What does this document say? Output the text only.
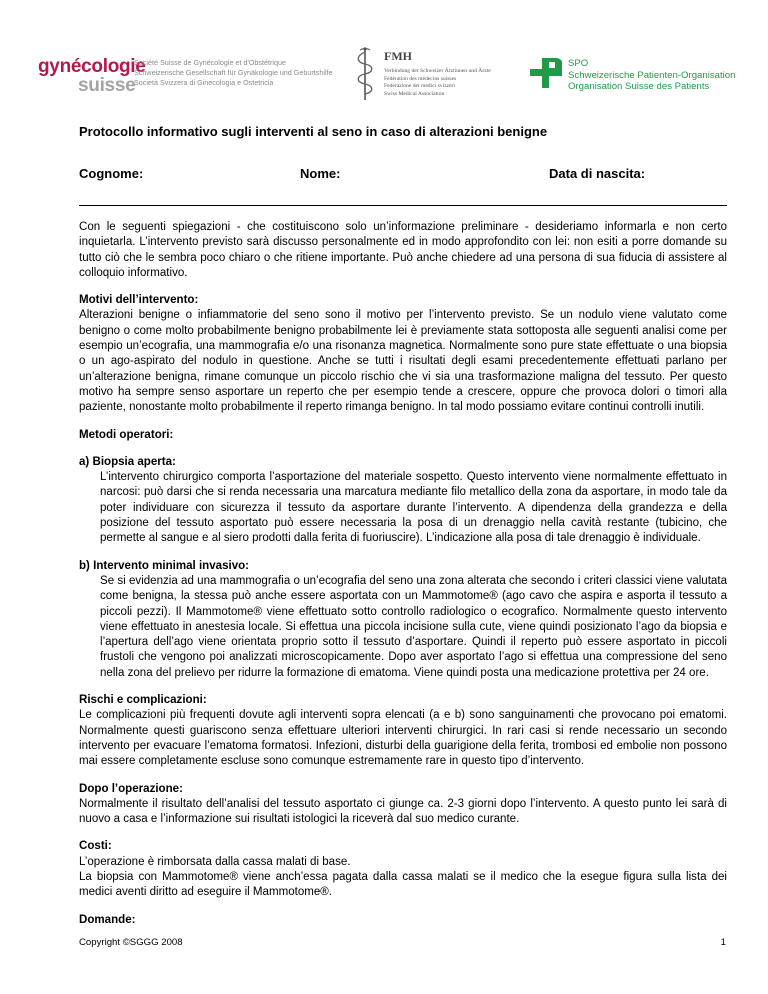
gynécologie
suisse
Société Suisse de Gynécologie et d'Obstétrique
Schweizerische Gesellschaft für Gynäkologie und Geburtshilfe
Società Svizzera di Ginecologia e Ostetricia
FMH
Verbindung der Schweizer Ärztinnen und Ärzte
Fédération des médecins suisses
Federazione dei medici svizzeri
Swiss Medical Association
SPO
Schweizerische Patienten-Organisation
Organisation Suisse des Patients
Protocollo informativo sugli interventi al seno in caso di alterazioni benigne
Cognome:	Nome:	Data di nascita:

Con le seguenti spiegazioni - che costituiscono solo un’informazione preliminare - desideriamo informarla e non certo inquietarla. L’intervento previsto sarà discusso personalmente ed in modo approfondito con lei: non esiti a porre domande su tutto ciò che le sembra poco chiaro o che ritiene importante. Può anche chiedere ad una persona di sua fiducia di assistere al colloquio informativo.

Motivi dell’intervento:

Alterazioni benigne o infiammatorie del seno sono il motivo per l’intervento previsto. Se un nodulo viene valutato come benigno o come molto probabilmente benigno probabilmente lei è previamente stata sottoposta alle seguenti analisi come per esempio un’ecografia, una mammografia e/o una risonanza magnetica. Normalmente sono pure state effettuate o una biopsia o un ago-aspirato del nodulo in questione. Anche se tutti i risultati degli esami precedentemente effettuati parlano per un’alterazione benigna, rimane comunque un piccolo rischio che vi sia una trasformazione maligna del tessuto. Per questo motivo ha sempre senso asportare un reperto che per esempio tende a crescere, oppure che provoca dolori o timori alla paziente, nonostante molto probabilmente il reperto rimanga benigno. In tal modo possiamo evitare continui controlli inutili.

Metodi operatori:

a) Biopsia aperta:

L’intervento chirurgico comporta l’asportazione del materiale sospetto. Questo intervento viene normalmente effettuato in narcosi: può darsi che si renda necessaria una marcatura mediante filo metallico della zona da asportare, in modo tale da poter individuare con sicurezza il tessuto da asportare durante l’intervento. A dipendenza della grandezza e della posizione del tessuto asportato può essere necessaria la posa di un drenaggio nella cavità restante (tubicino, che permette al sangue e al siero prodotti dalla ferita di fuoriuscire). L’indicazione alla posa di tale drenaggio è individuale.

b) Intervento minimal invasivo:

Se si evidenzia ad una mammografia o un’ecografia del seno una zona alterata che secondo i criteri classici viene valutata come benigna, la stessa può anche essere asportata con un Mammotome® (ago cavo che aspira e asporta il tessuto a piccoli pezzi). Il Mammotome® viene effettuato sotto controllo radiologico o ecografico. Normalmente questo intervento viene effettuato in anestesia locale. Si effettua una piccola incisione sulla cute, viene quindi posizionato l’ago da biopsia e l’apertura dell’ago viene orientata proprio sotto il tessuto d’asportare. Quindi il reperto può essere asportato in piccoli frustoli che vengono poi analizzati microscopicamente. Dopo aver asportato l’ago si effettua una compressione del seno nella zona del prelievo per ridurre la formazione di ematoma. Viene quindi posta una medicazione protettiva per 24 ore.

Rischi e complicazioni:

Le complicazioni più frequenti dovute agli interventi sopra elencati (a e b) sono sanguinamenti che provocano poi ematomi. Normalmente questi guariscono senza effettuare ulteriori interventi chirurgici. In rari casi si rende necessario un secondo intervento per evacuare l’ematoma formatosi. Infezioni, disturbi della guarigione della ferita, trombosi ed embolie non possono mai essere completamente escluse sono comunque estremamente rare in questo tipo d’intervento.

Dopo l’operazione:

Normalmente il risultato dell’analisi del tessuto asportato ci giunge ca. 2-3 giorni dopo l’intervento. A questo punto lei sarà di nuovo a casa e l’informazione sui risultati istologici la riceverà dal suo medico curante.

Costi:

L’operazione è rimborsata dalla cassa malati di base.

La biopsia con Mammotome® viene anch’essa pagata dalla cassa malati se il medico che la esegue figura sulla lista dei medici aventi diritto ad eseguire il Mammotome®.

Domande:

Copyright ©SGGG 2008	1
